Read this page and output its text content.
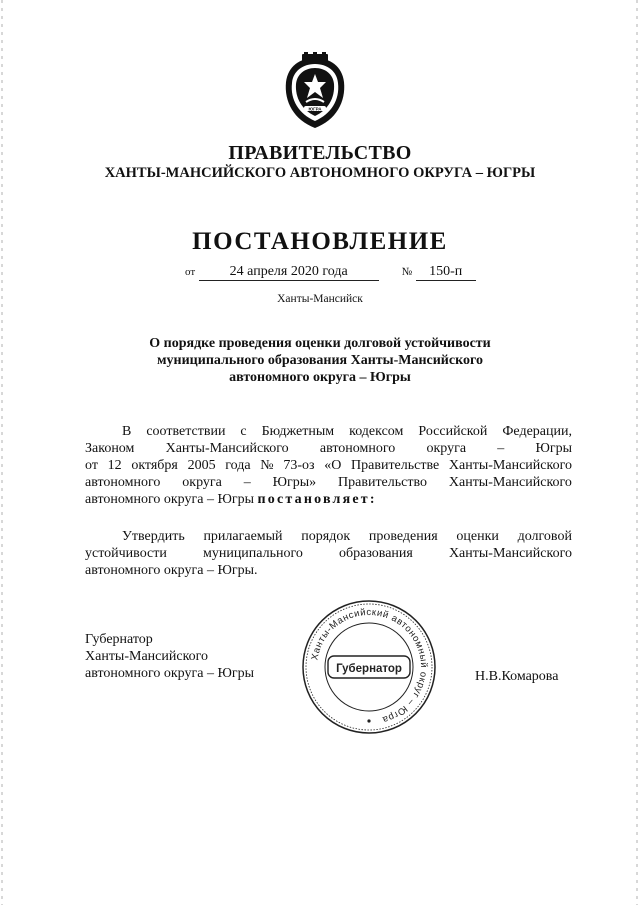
ЮГРА
ПРАВИТЕЛЬСТВО
ХАНТЫ-МАНСИЙСКОГО АВТОНОМНОГО ОКРУГА – ЮГРЫ
ПОСТАНОВЛЕНИЕ
от 24 апреля 2020 года	№ 150-п
Ханты-Мансийск
О порядке проведения оценки долговой устойчивости
муниципального образования Ханты-Мансийского
автономного округа – Югры
В соответствии с Бюджетным кодексом Российской Федерации,
Законом Ханты-Мансийского автономного округа – Югры
от 12 октября 2005 года № 73-оз «О Правительстве Ханты-Мансийского
автономного округа – Югры» Правительство Ханты-Мансийского
автономного округа – Югры постановляет:
Утвердить прилагаемый порядок проведения оценки долговой
устойчивости	муниципального	образования	Ханты-Мансийского
автономного округа – Югры.
Губернатор
Ханты-Мансийского
автономного округа – Югры
Ханты-Мансийский автономный округ – Югра
Губернатор	Н.В.Комарова
